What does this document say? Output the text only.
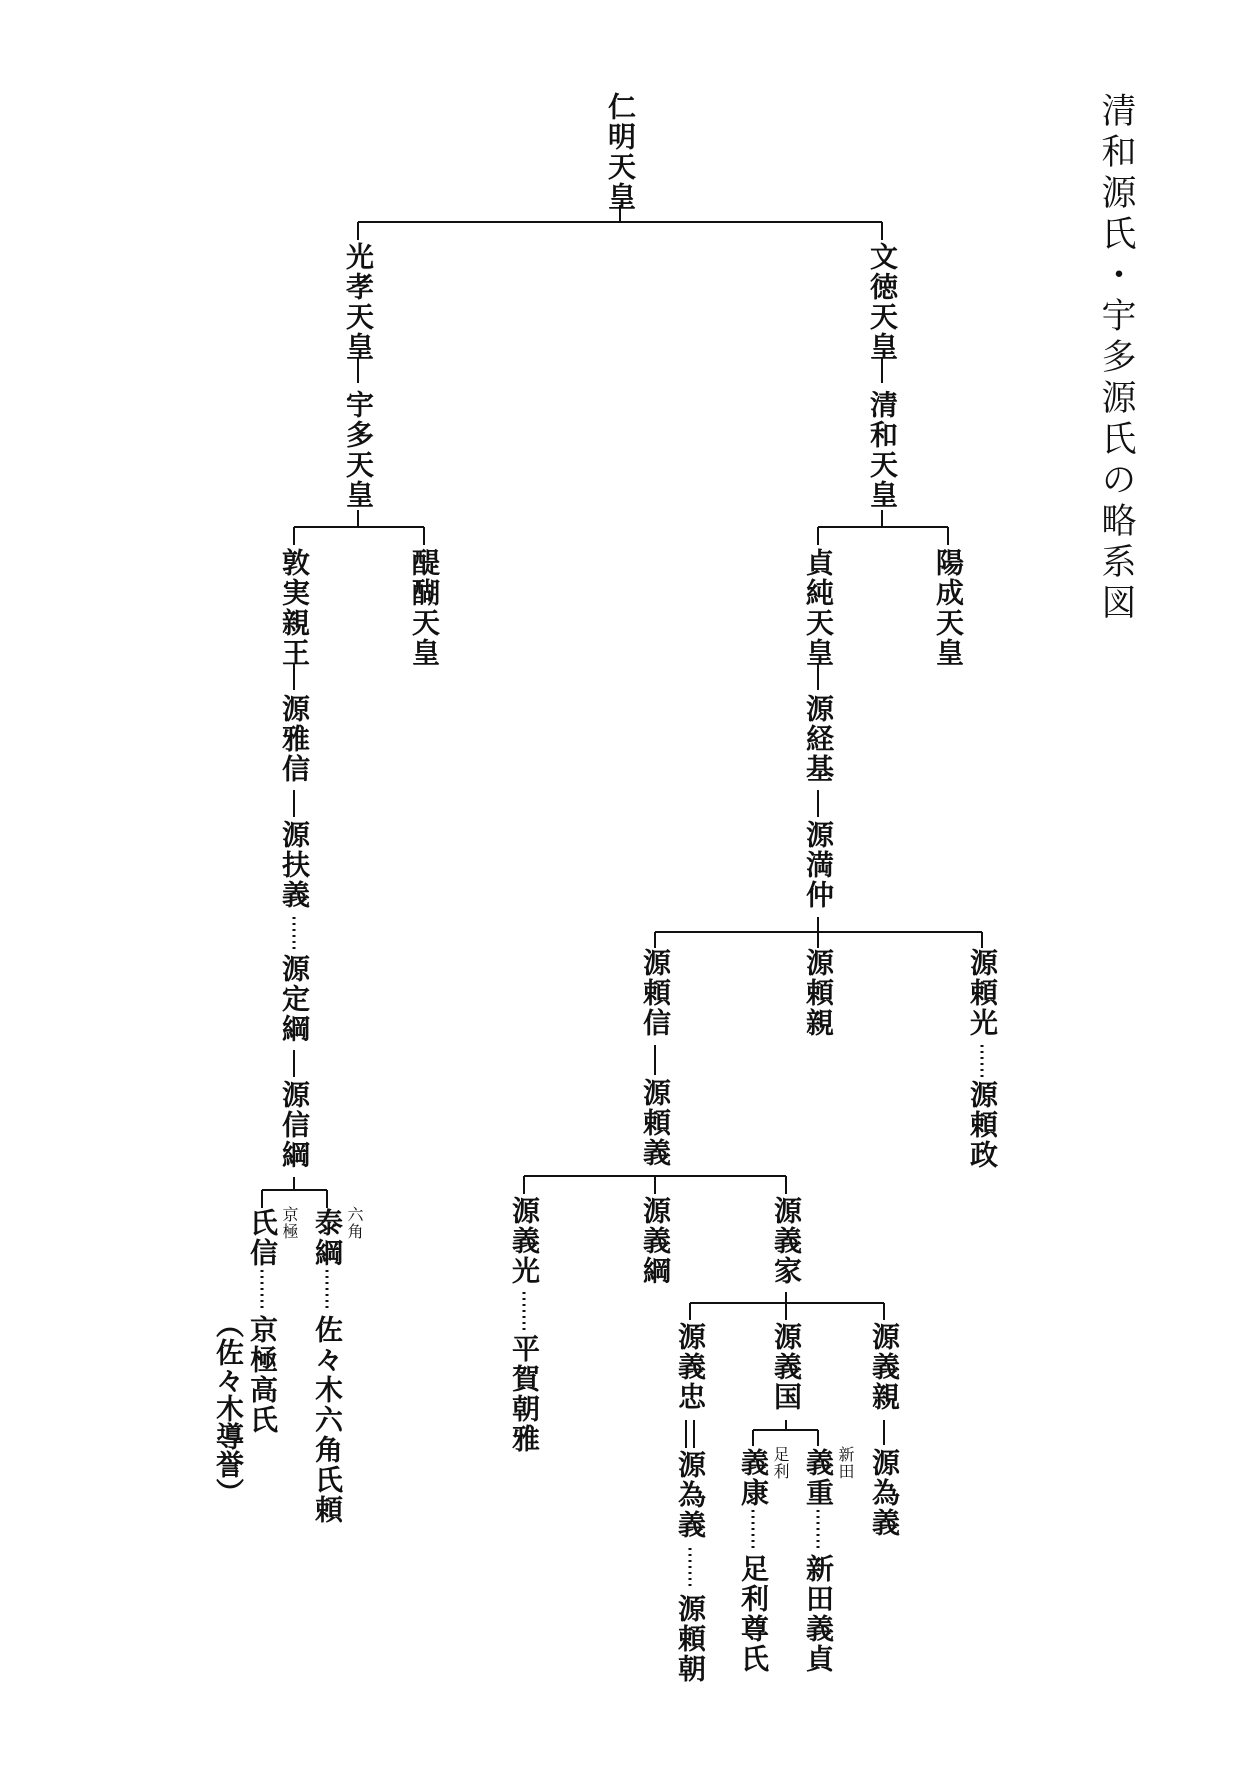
清和源氏・宇多源氏の略系図
仁明天皇
光孝天皇
宇多天皇
敦実親王	醍醐天皇
源雅信
源扶義
源定綱
源信綱
氏信 京極 泰綱 六角
京極高氏
（佐々木導誉） 佐々木六角氏頼
文徳天皇
清和天皇
貞純天皇	陽成天皇
源経基
源満仲
源頼信	源頼親	源頼光
源頼政
源頼義
源義光	源義綱	源義家
平賀朝雅	源義忠 源義国 源義親
源為義	源為義
源頼朝
義康 足利 義重 新田
足利尊氏 新田義貞
